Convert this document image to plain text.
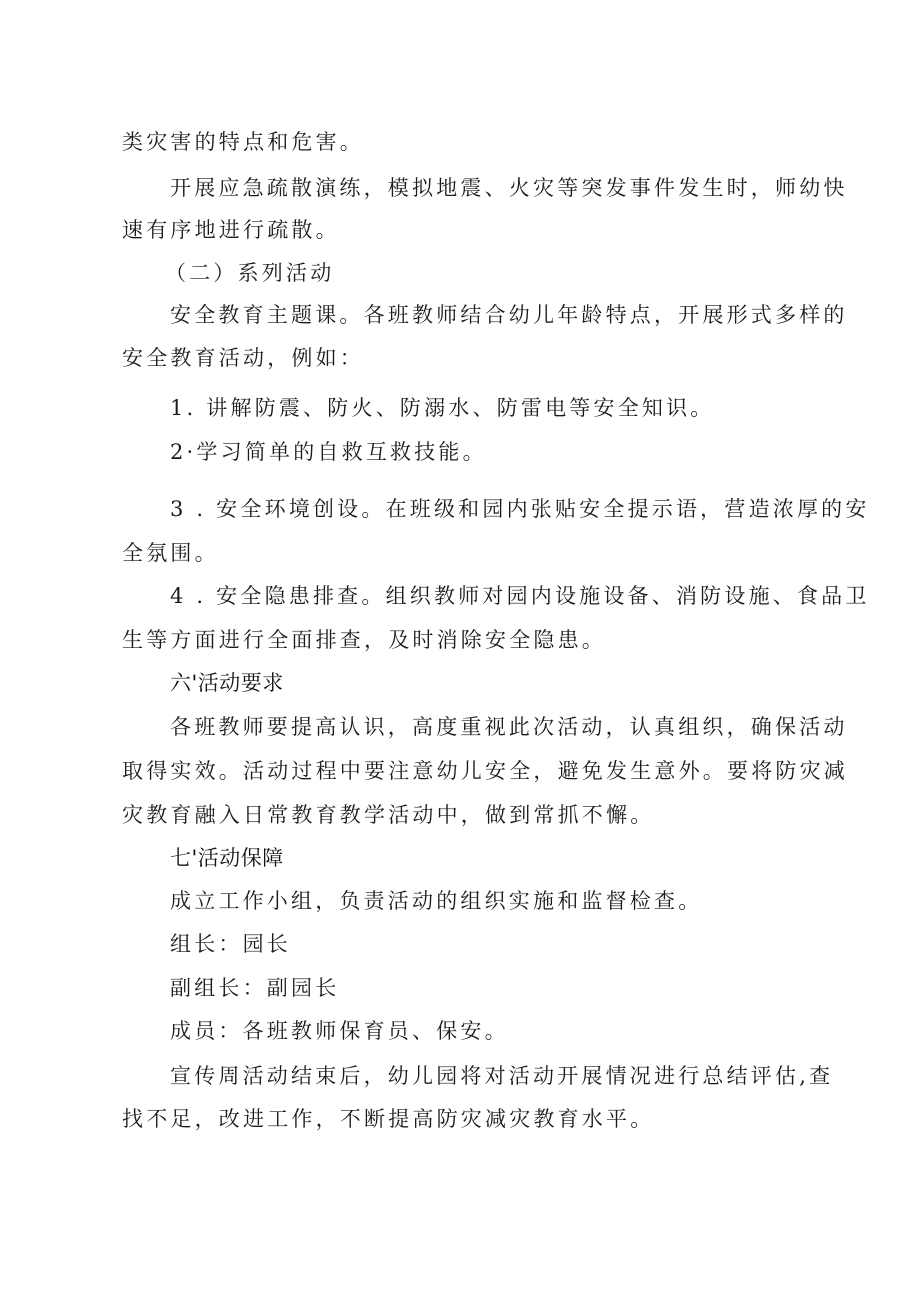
类灾害的特点和危害。
开展应急疏散演练，模拟地震、火灾等突发事件发生时，师幼快
速有序地进行疏散。
（二）系列活动
安全教育主题课。各班教师结合幼儿年龄特点，开展形式多样的
安全教育活动，例如：
1. 讲解防震、防火、防溺水、防雷电等安全知识。
2·学习简单的自救互救技能。
3 . 安全环境创设。在班级和园内张贴安全提示语，营造浓厚的安
全氛围。
4 . 安全隐患排查。组织教师对园内设施设备、消防设施、食品卫
生等方面进行全面排查，及时消除安全隐患。
六'活动要求
各班教师要提高认识，高度重视此次活动，认真组织，确保活动
取得实效。活动过程中要注意幼儿安全，避免发生意外。要将防灾减
灾教育融入日常教育教学活动中，做到常抓不懈。
七'活动保障
成立工作小组，负责活动的组织实施和监督检查。
组长：园长
副组长：副园长
成员：各班教师保育员、保安。
宣传周活动结束后，幼儿园将对活动开展情况进行总结评估,查
找不足，改进工作，不断提高防灾减灾教育水平。
